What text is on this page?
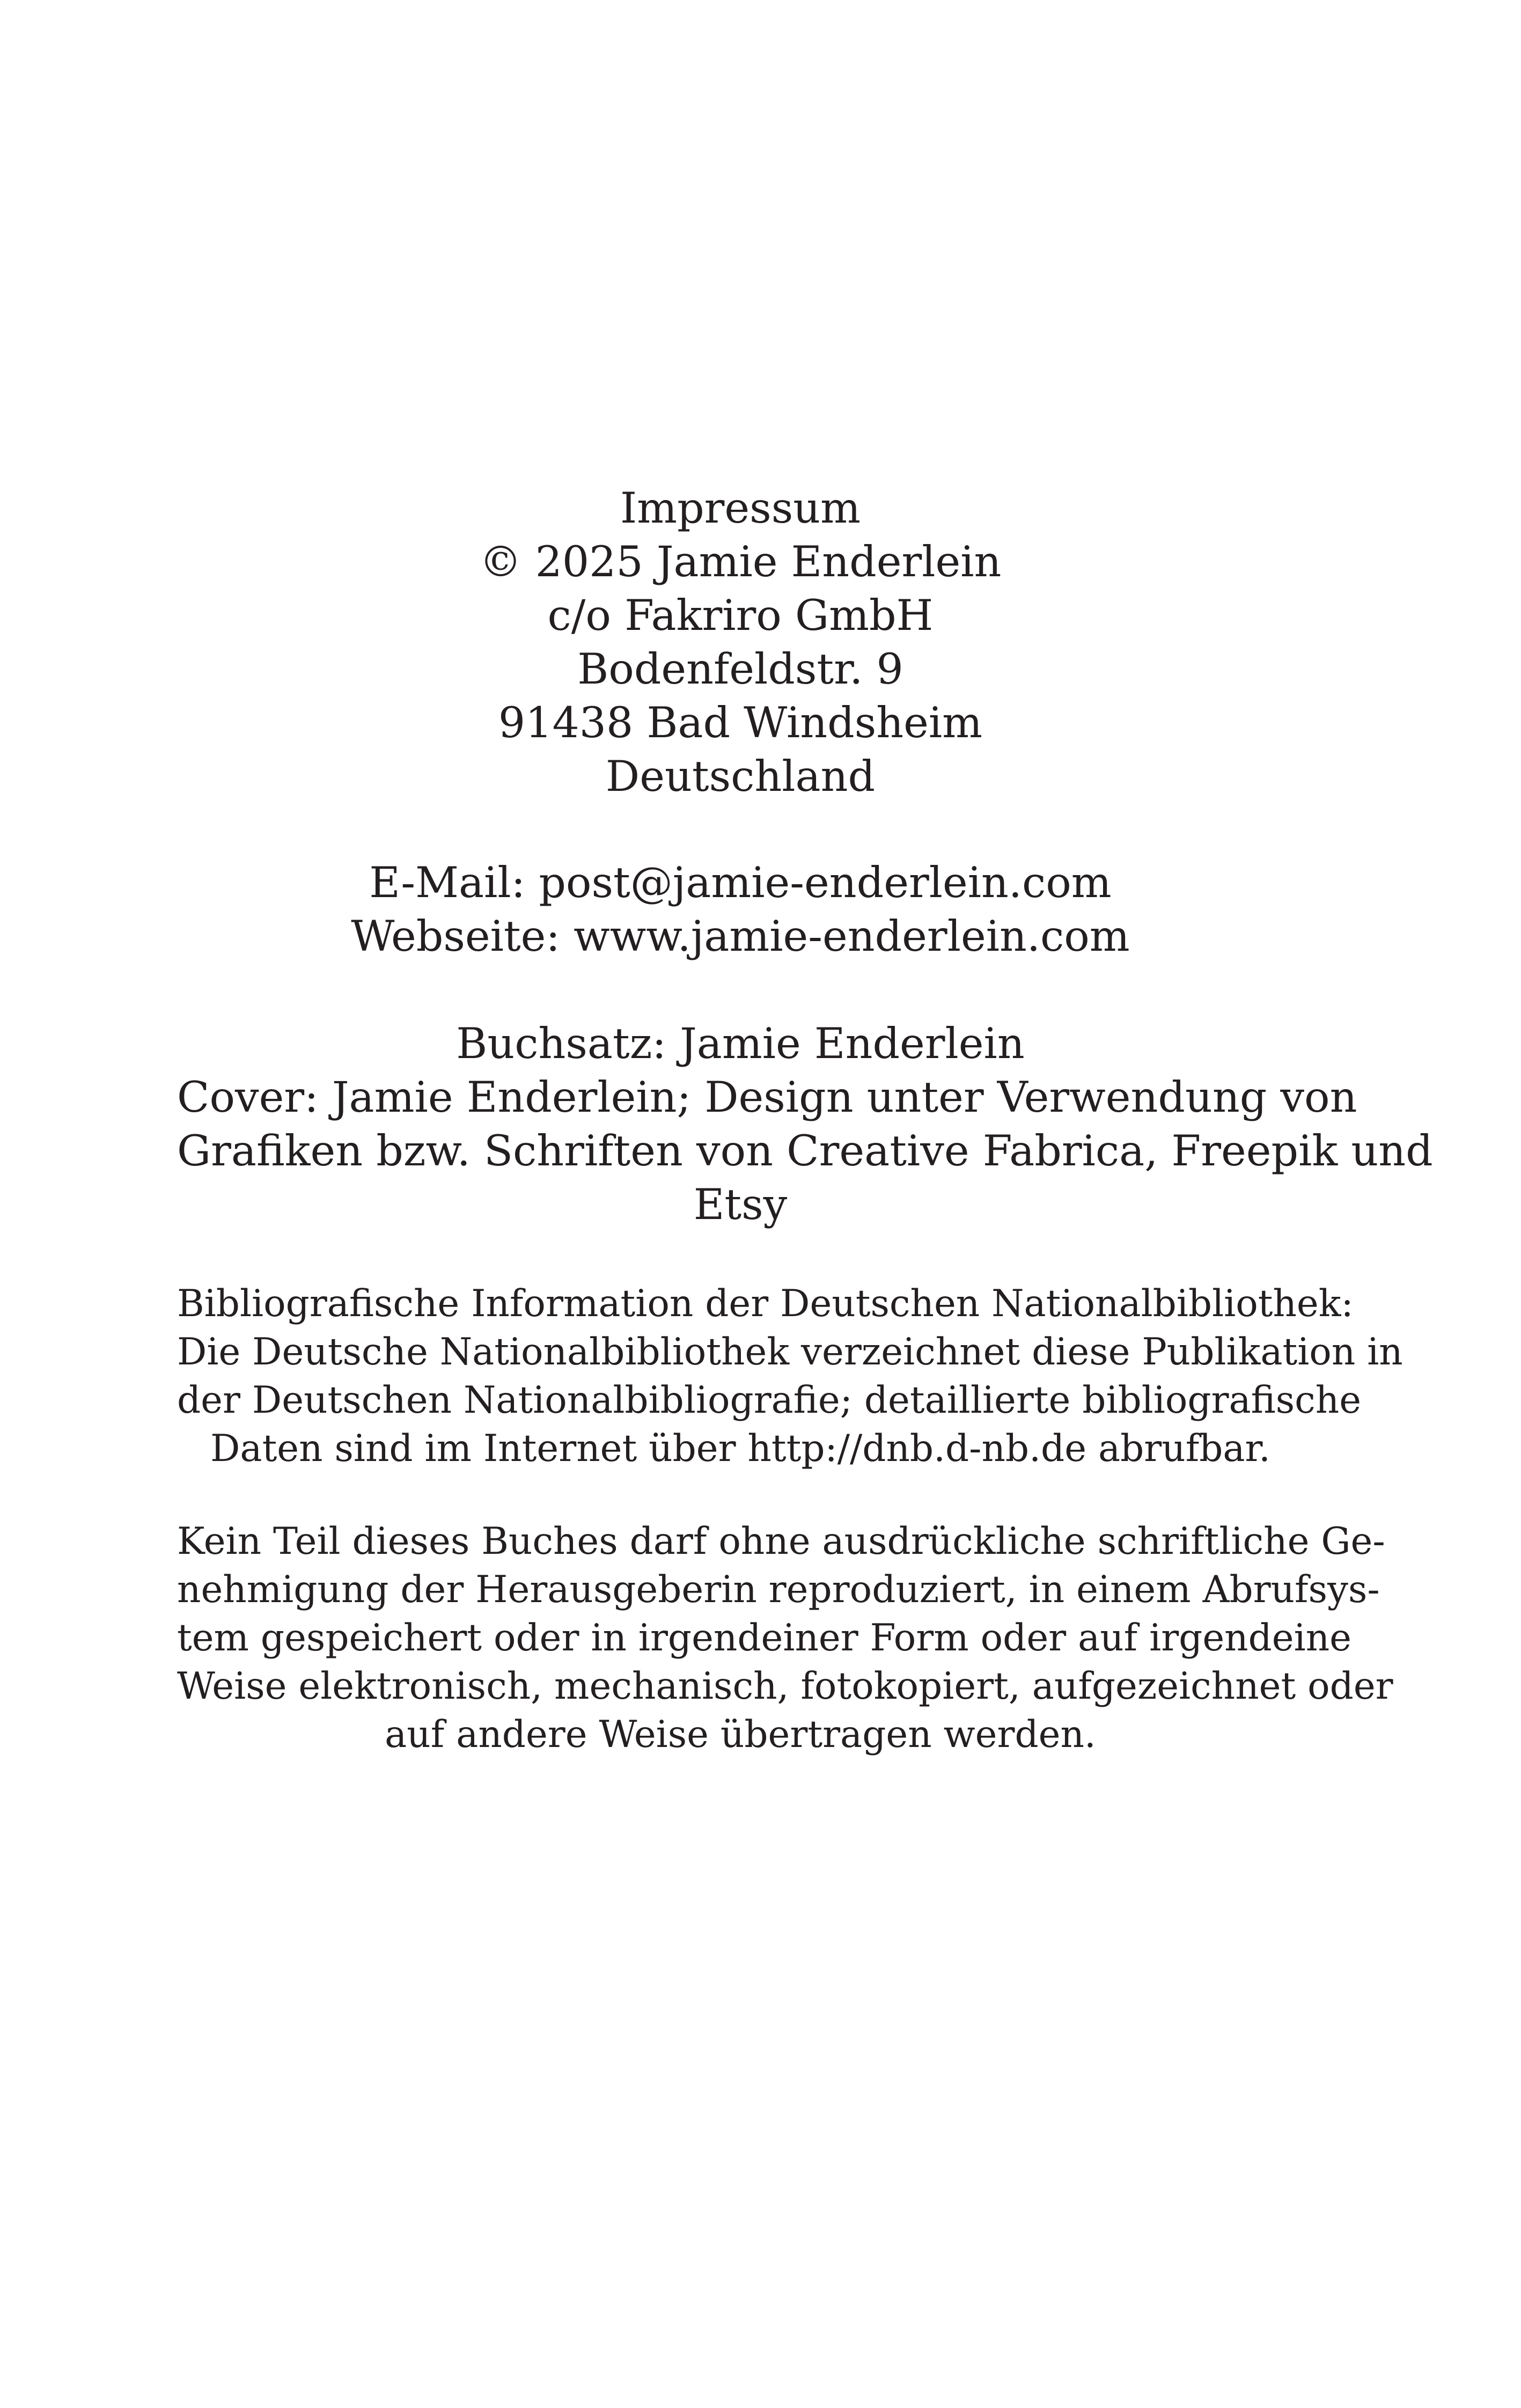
Impressum
© 2025 Jamie Enderlein
c/o Fakriro GmbH
Bodenfeldstr. 9
91438 Bad Windsheim
Deutschland
E-Mail: post@jamie-enderlein.com
Webseite: www.jamie-enderlein.com
Buchsatz: Jamie Enderlein
Cover: Jamie Enderlein; Design unter Verwendung von
Grafiken bzw. Schriften von Creative Fabrica, Freepik und
Etsy
Bibliografische Information der Deutschen Nationalbibliothek:
Die Deutsche Nationalbibliothek verzeichnet diese Publikation in
der Deutschen Nationalbibliografie; detaillierte bibliografische
Daten sind im Internet über http://dnb.d-nb.de abrufbar.
Kein Teil dieses Buches darf ohne ausdrückliche schriftliche Ge-
nehmigung der Herausgeberin reproduziert, in einem Abrufsys-
tem gespeichert oder in irgendeiner Form oder auf irgendeine
Weise elektronisch, mechanisch, fotokopiert, aufgezeichnet oder
auf andere Weise übertragen werden.
